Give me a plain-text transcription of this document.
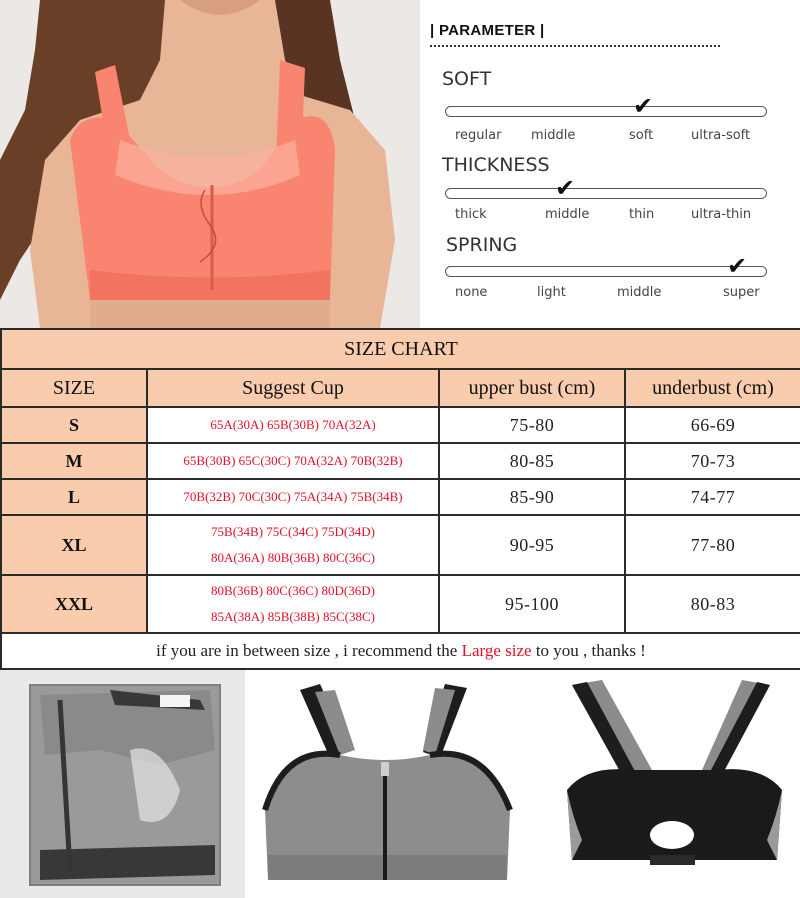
| PARAMETER |
SOFT
✔
regular middle	soft	ultra-soft
THICKNESS
✔
thick	middle	thin	ultra-thin
SPRING
✔
none	light	middle	super
SIZE CHART			
SIZE	Suggest Cup	upper bust (cm)	underbust (cm)
S	65A(30A) 65B(30B) 70A(32A)	75-80	66-69
M	65B(30B) 65C(30C) 70A(32A) 70B(32B)	80-85	70-73
L	70B(32B) 70C(30C) 75A(34A) 75B(34B)	85-90	74-77
XL	75B(34B) 75C(34C) 75D(34D)
80A(36A) 80B(36B) 80C(36C)	90-95	77-80
XXL	80B(36B) 80C(36C) 80D(36D)
85A(38A) 85B(38B) 85C(38C)	95-100	80-83
if you are in between size , i recommend the Large size to you , thanks !			
